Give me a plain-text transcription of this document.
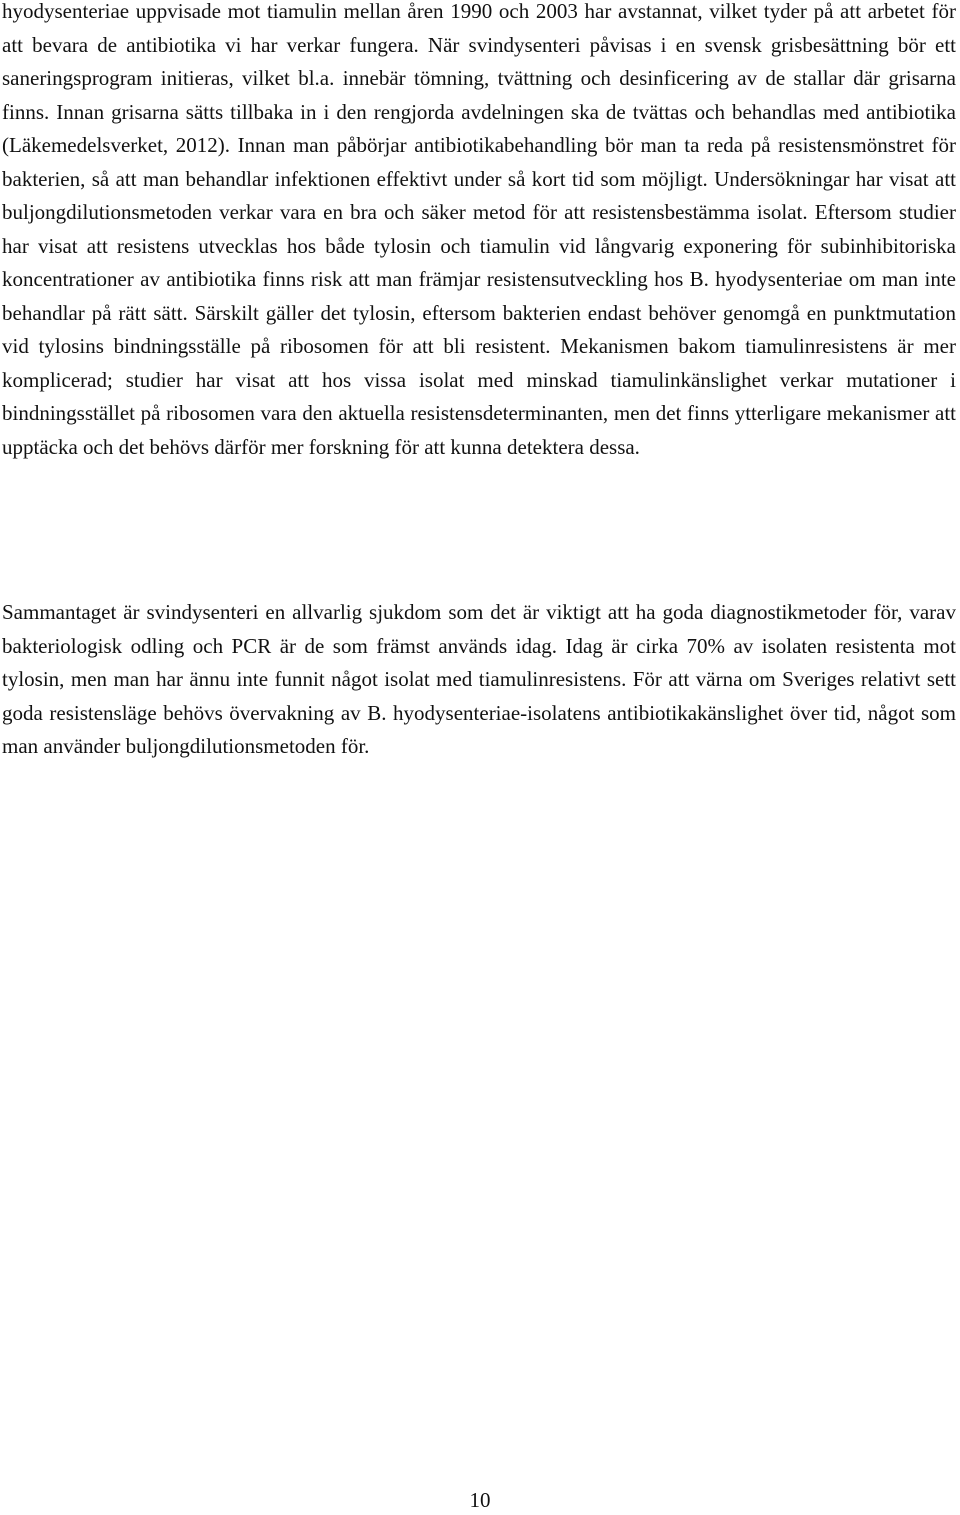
hyodysenteriae uppvisade mot tiamulin mellan åren 1990 och 2003 har avstannat, vilket tyder på att arbetet för att bevara de antibiotika vi har verkar fungera. När svindysenteri påvisas i en svensk grisbesättning bör ett saneringsprogram initieras, vilket bl.a. innebär tömning, tvättning och desinficering av de stallar där grisarna finns. Innan grisarna sätts tillbaka in i den rengjorda avdelningen ska de tvättas och behandlas med antibiotika (Läkemedelsverket, 2012). Innan man påbörjar antibiotikabehandling bör man ta reda på resistensmönstret för bakterien, så att man behandlar infektionen effektivt under så kort tid som möjligt. Undersökningar har visat att buljongdilutionsmetoden verkar vara en bra och säker metod för att resistensbestämma isolat. Eftersom studier har visat att resistens utvecklas hos både tylosin och tiamulin vid långvarig exponering för subinhibitoriska koncentrationer av antibiotika finns risk att man främjar resistensutveckling hos B. hyodysenteriae om man inte behandlar på rätt sätt. Särskilt gäller det tylosin, eftersom bakterien endast behöver genomgå en punktmutation vid tylosins bindningsställe på ribosomen för att bli resistent. Mekanismen bakom tiamulinresistens är mer komplicerad; studier har visat att hos vissa isolat med minskad tiamulinkänslighet verkar mutationer i bindningsstället på ribosomen vara den aktuella resistensdeterminanten, men det finns ytterligare mekanismer att upptäcka och det behövs därför mer forskning för att kunna detektera dessa.

Sammantaget är svindysenteri en allvarlig sjukdom som det är viktigt att ha goda diagnostikmetoder för, varav bakteriologisk odling och PCR är de som främst används idag. Idag är cirka 70% av isolaten resistenta mot tylosin, men man har ännu inte funnit något isolat med tiamulinresistens. För att värna om Sveriges relativt sett goda resistensläge behövs övervakning av B. hyodysenteriae-isolatens antibiotikakänslighet över tid, något som man använder buljongdilutionsmetoden för.

10
